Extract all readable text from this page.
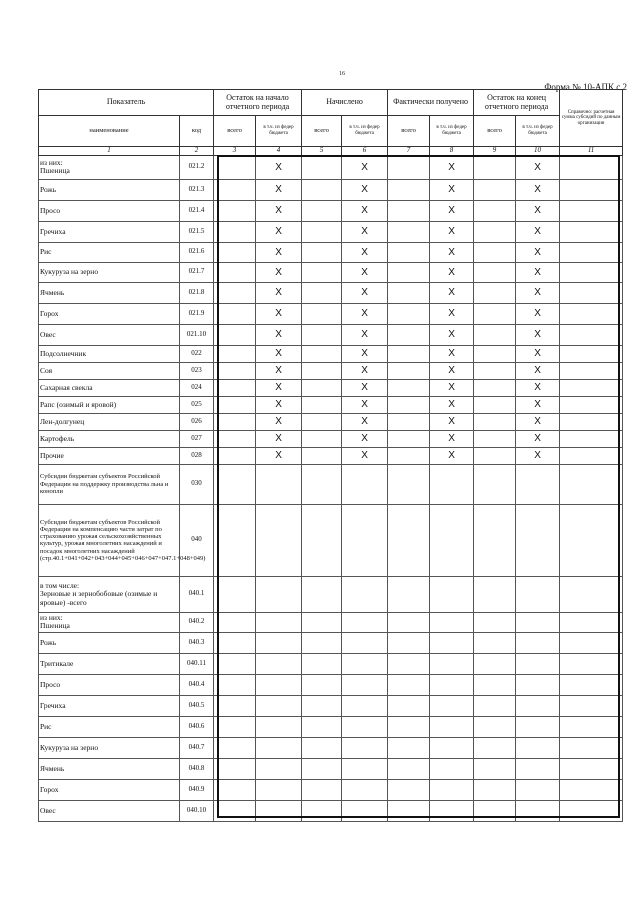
16
Форма № 10-АПК с 2
Показатель		Остаток на начало отчетного периода		Начислено		Фактически получено		Остаток на конец отчетного периода		Справочно: расчетная сумма субсидий по данным организации
наименование	код	всего	в т.ч. из федер бюджета	всего	в т.ч. из федер бюджета	всего	в т.ч. из федер бюджета	всего	в т.ч. из федер бюджета	
1	2	3	4	5	6	7	8	9	10	11
из них:
Пшеница	021.2		X		X		X		X	
Рожь	021.3		X		X		X		X	
Просо	021.4		X		X		X		X	
Гречиха	021.5		X		X		X		X	
Рис	021.6		X		X		X		X	
Кукуруза на зерно	021.7		X		X		X		X	
Ячмень	021.8		X		X		X		X	
Горох	021.9		X		X		X		X	
Овес	021.10		X		X		X		X	
Подсолнечник	022		X		X		X		X	
Соя	023		X		X		X		X	
Сахарная свекла	024		X		X		X		X	
Рапс (озимый и яровой)	025		X		X		X		X	
Лен-долгунец	026		X		X		X		X	
Картофель	027		X		X		X		X	
Прочие	028		X		X		X		X	
Субсидии бюджетам субъектов Российской Федерации на поддержку производства льна и конопли	030									
Субсидии бюджетам субъектов Российской Федерации на компенсацию части затрат по страхованию урожая сельскохозяйственных культур, урожая многолетних насаждений и посадок многолетних насаждений (стр.40.1+041+042+043+044+045+046+047+047.1+048+049)	040									
в том числе:
Зерновые и зернобобовые (озимые и яровые) -всего	040.1									
из них:
Пшеница	040.2									
Рожь	040.3									
Тритикале	040.11									
Просо	040.4									
Гречиха	040.5									
Рис	040.6									
Кукуруза на зерно	040.7									
Ячмень	040.8									
Горох	040.9									
Овес	040.10									
